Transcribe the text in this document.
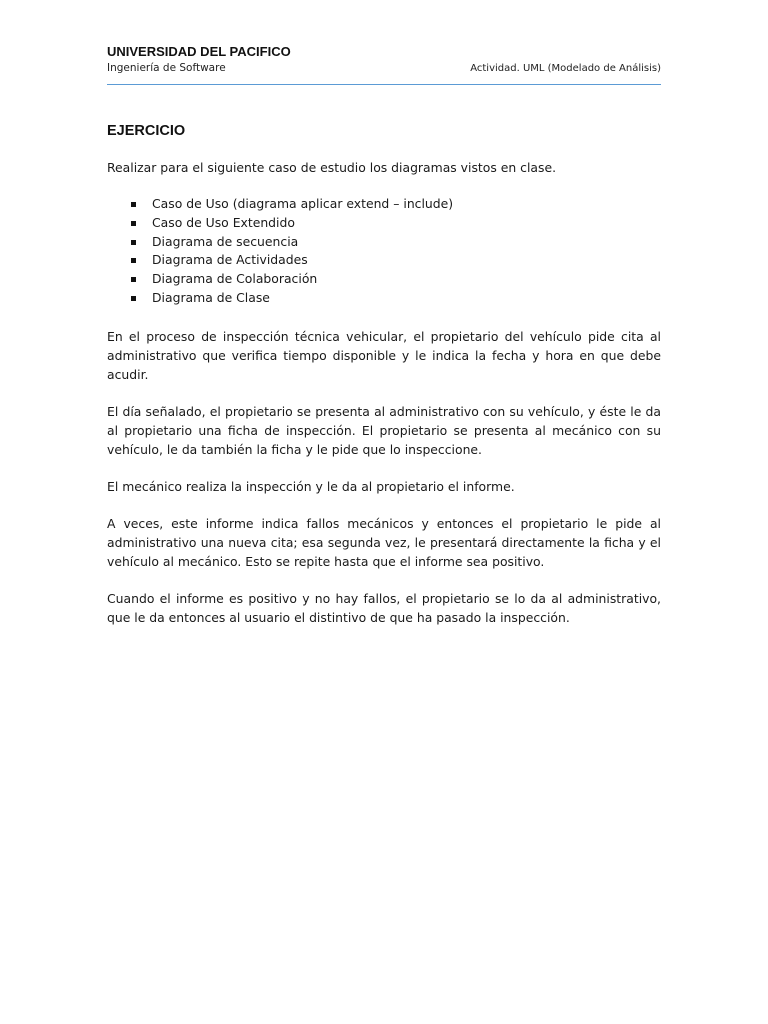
UNIVERSIDAD DEL PACIFICO
Ingeniería de Software	Actividad. UML (Modelado de Análisis)
EJERCICIO

Realizar para el siguiente caso de estudio los diagramas vistos en clase.

Caso de Uso (diagrama aplicar extend – include)
Caso de Uso Extendido
Diagrama de secuencia
Diagrama de Actividades
Diagrama de Colaboración
Diagrama de Clase

En el proceso de inspección técnica vehicular, el propietario del vehículo pide cita al administrativo que verifica tiempo disponible y le indica la fecha y hora en que debe acudir.

El día señalado, el propietario se presenta al administrativo con su vehículo, y éste le da al propietario una ficha de inspección. El propietario se presenta al mecánico con su vehículo, le da también la ficha y le pide que lo inspeccione.

El mecánico realiza la inspección y le da al propietario el informe.

A veces, este informe indica fallos mecánicos y entonces el propietario le pide al administrativo una nueva cita; esa segunda vez, le presentará directamente la ficha y el vehículo al mecánico. Esto se repite hasta que el informe sea positivo.

Cuando el informe es positivo y no hay fallos, el propietario se lo da al administrativo, que le da entonces al usuario el distintivo de que ha pasado la inspección.
